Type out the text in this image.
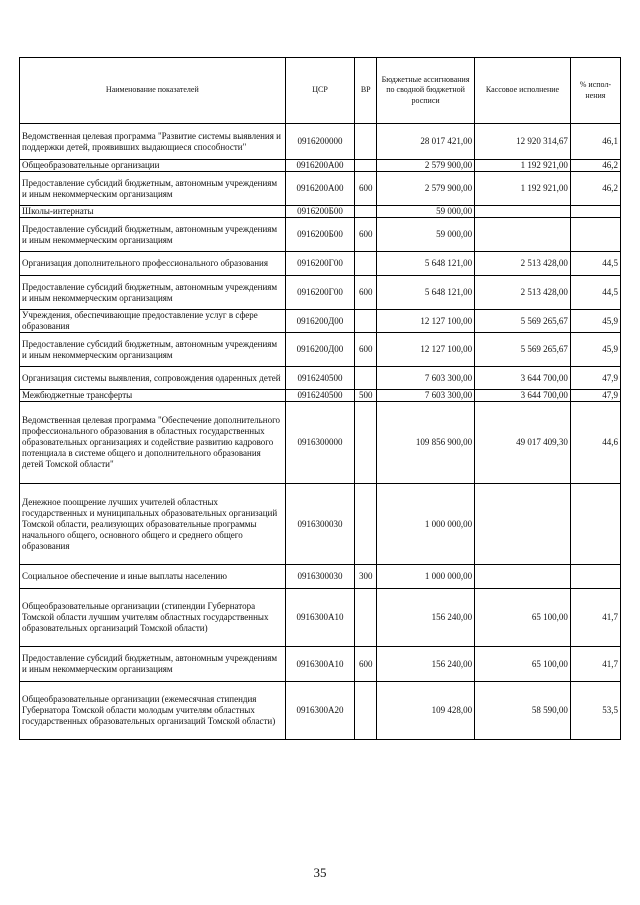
Наименование показателей	ЦСР	ВР	Бюджетные ассигнования по сводной бюджетной росписи	Кассовое исполнение	% испол-нения
Ведомственная целевая программа "Развитие системы выявления и поддержки детей, проявивших выдающиеся способности"	0916200000		28 017 421,00	12 920 314,67	46,1
Общеобразовательные организации	0916200А00		2 579 900,00	1 192 921,00	46,2
Предоставление субсидий бюджетным, автономным учреждениям и иным некоммерческим организациям	0916200А00	600	2 579 900,00	1 192 921,00	46,2
Школы-интернаты	0916200Б00		59 000,00		
Предоставление субсидий бюджетным, автономным учреждениям и иным некоммерческим организациям	0916200Б00	600	59 000,00		
Организация дополнительного профессионального образования	0916200Г00		5 648 121,00	2 513 428,00	44,5
Предоставление субсидий бюджетным, автономным учреждениям и иным некоммерческим организациям	0916200Г00	600	5 648 121,00	2 513 428,00	44,5
Учреждения, обеспечивающие предоставление услуг в сфере образования	0916200Д00		12 127 100,00	5 569 265,67	45,9
Предоставление субсидий бюджетным, автономным учреждениям и иным некоммерческим организациям	0916200Д00	600	12 127 100,00	5 569 265,67	45,9
Организация системы выявления, сопровождения одаренных детей	0916240500		7 603 300,00	3 644 700,00	47,9
Межбюджетные трансферты	0916240500	500	7 603 300,00	3 644 700,00	47,9
Ведомственная целевая программа "Обеспечение дополнительного профессионального образования в областных государственных образовательных организациях и содействие развитию кадрового потенциала в системе общего и дополнительного образования детей Томской области"	0916300000		109 856 900,00	49 017 409,30	44,6
Денежное поощрение лучших учителей областных государственных и муниципальных образовательных организаций Томской области, реализующих образовательные программы начального общего, основного общего и среднего общего образования	0916300030		1 000 000,00		
Социальное обеспечение и иные выплаты населению	0916300030	300	1 000 000,00		
Общеобразовательные организации (стипендии Губернатора Томской области лучшим учителям областных государственных образовательных организаций Томской области)	0916300А10		156 240,00	65 100,00	41,7
Предоставление субсидий бюджетным, автономным учреждениям и иным некоммерческим организациям	0916300А10	600	156 240,00	65 100,00	41,7
Общеобразовательные организации (ежемесячная стипендия Губернатора Томской области молодым учителям областных государственных образовательных организаций Томской области)	0916300А20		109 428,00	58 590,00	53,5
35
